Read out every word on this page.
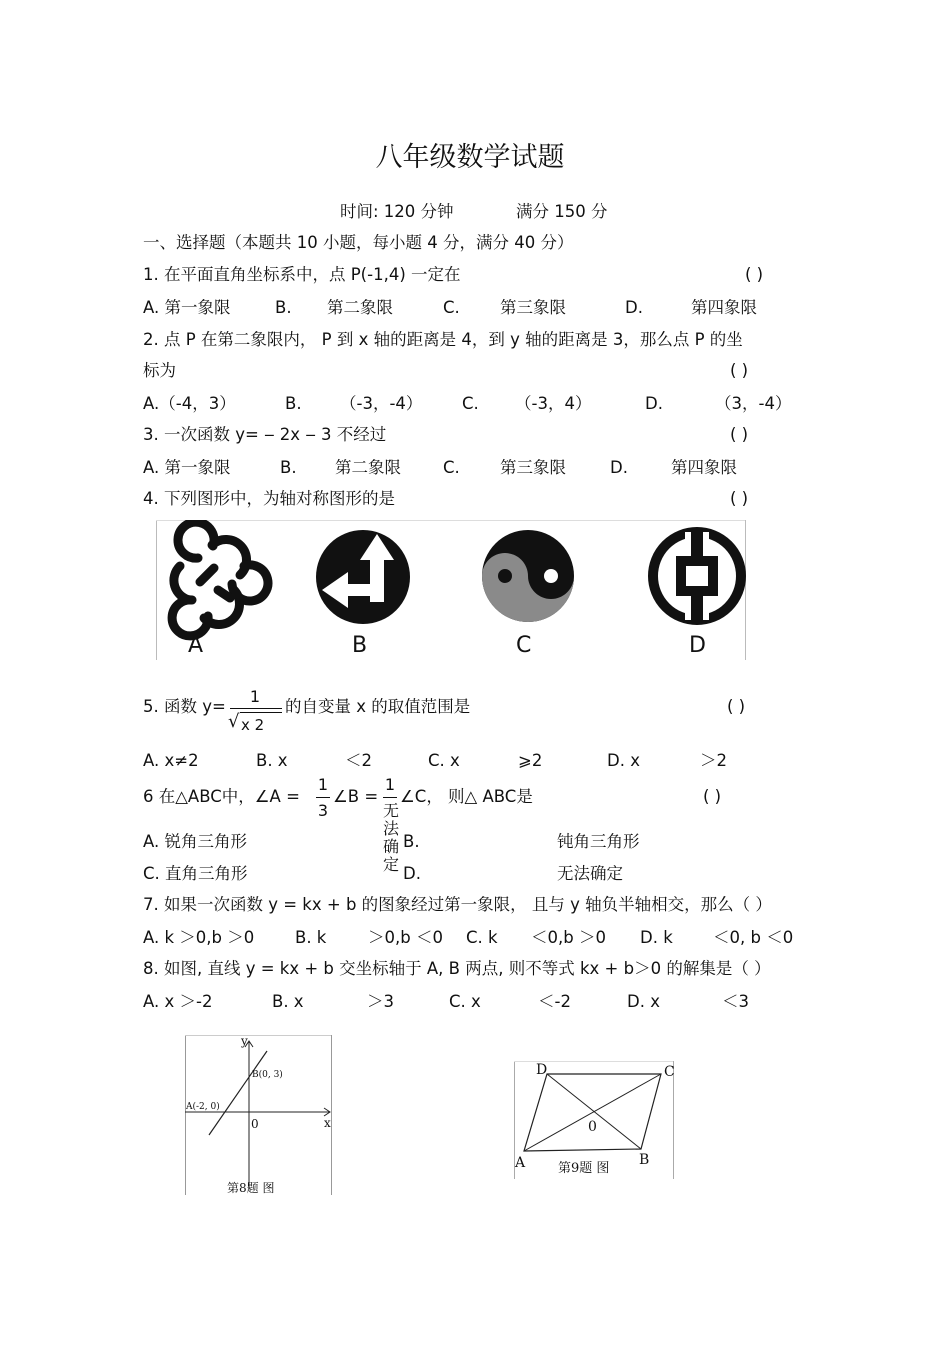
八年级数学试题
时间: 120 分钟	满分 150 分
一、选择题（本题共 10 小题，每小题 4 分，满分 40 分）
1. 在平面直角坐标系中，点 P(-1,4) 一定在	( )
A. 第一象限	B. 第二象限	C. 第三象限	D.	第四象限
2. 点 P 在第二象限内， P 到 x 轴的距离是 4，到 y 轴的距离是 3，那么点 P 的坐
标为	( )
A.（-4，3）	B. （-3，-4） C. （-3，4）	D.	（3，-4）
3. 一次函数 y= ‒ 2x ‒ 3 不经过	( )
A. 第一象限	B. 第二象限	C. 第三象限	D.	第四象限
4. 下列图形中，为轴对称图形的是	( )
A	B	C	D
5. 函数 y=
1
√ x 2
的自变量 x 的取值范围是	( )
A. x≠2	B. x	＜2	C. x	⩾2	D. x	＞2
6 在△ABC中，∠A =
1
3
∠B =
1
无法确定
∠C， 则△ ABC是	( )
A. 锐角三角形	B.	钝角三角形
C. 直角三角形	D.	无法确定
7. 如果一次函数 y = kx + b 的图象经过第一象限， 且与 y 轴负半轴相交，那么（ ）
A. k ＞0,b ＞0 B. k	＞0,b ＜0 C. k ＜0,b ＞0 D. k ＜0, b ＜0
8. 如图, 直线 y = kx + b 交坐标轴于 A, B 两点, 则不等式 kx + b＞0 的解集是（ ）
A. x ＞-2	B. x	＞3	C. x	＜-2	D. x	＜3
y
x
0
B(0, 3)
A(-2, 0)
第8题 图
D	C
A	B
0
第9题 图
